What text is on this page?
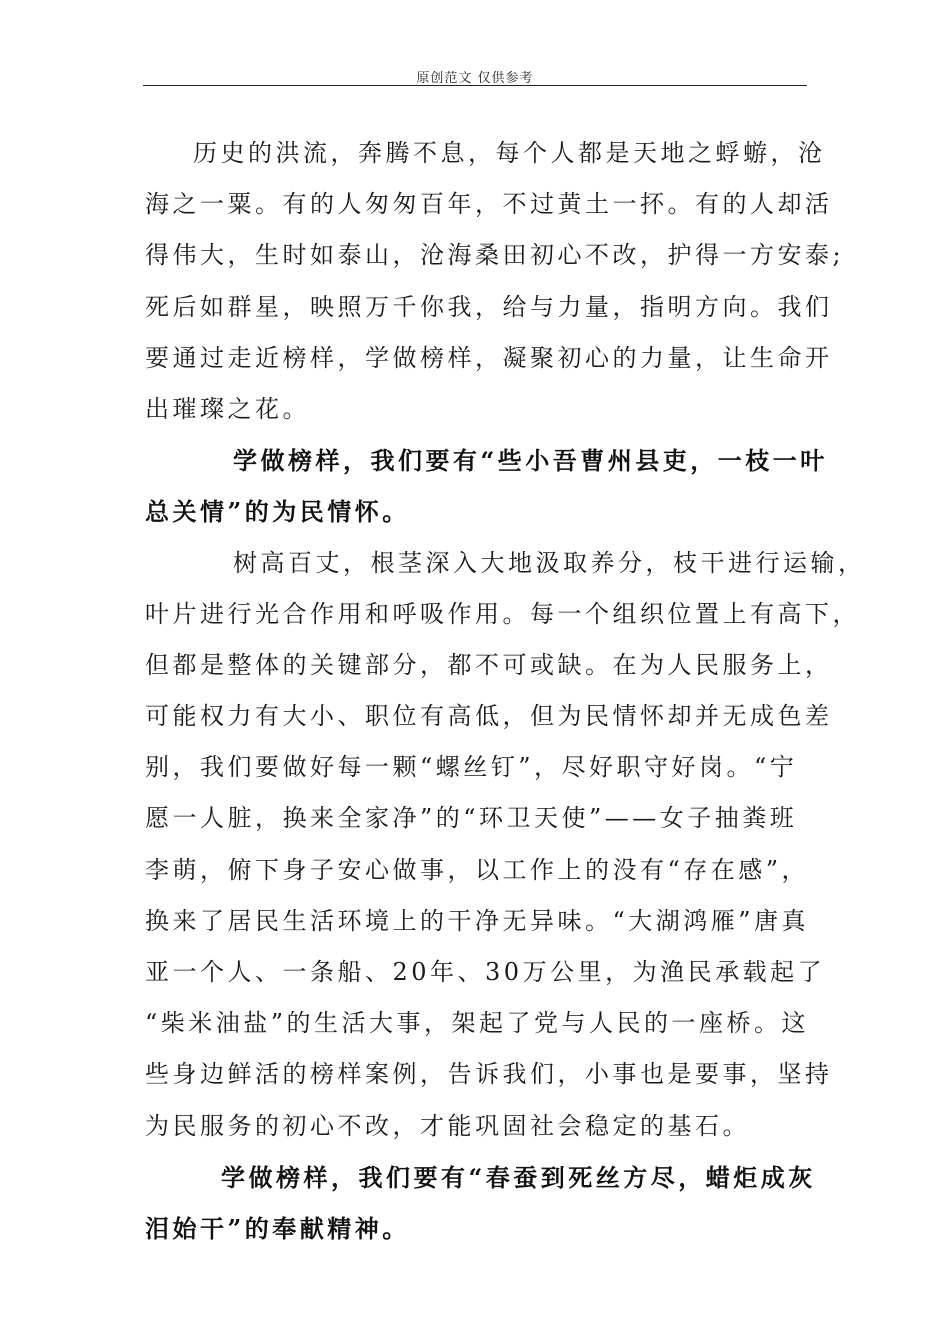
原创范文 仅供参考
历史的洪流，奔腾不息，每个人都是天地之蜉蝣，沧
海之一粟。有的人匆匆百年，不过黄土一抔。有的人却活
得伟大，生时如泰山，沧海桑田初心不改，护得一方安泰;
死后如群星，映照万千你我，给与力量，指明方向。我们
要通过走近榜样，学做榜样，凝聚初心的力量，让生命开
出璀璨之花。
学做榜样，我们要有“些小吾曹州县吏，一枝一叶
总关情”的为民情怀。
树高百丈，根茎深入大地汲取养分，枝干进行运输，
叶片进行光合作用和呼吸作用。每一个组织位置上有高下，
但都是整体的关键部分，都不可或缺。在为人民服务上，
可能权力有大小、职位有高低，但为民情怀却并无成色差
别，我们要做好每一颗“螺丝钉”，尽好职守好岗。“宁
愿一人脏，换来全家净”的“环卫天使”——女子抽粪班
李萌，俯下身子安心做事，以工作上的没有“存在感”，
换来了居民生活环境上的干净无异味。“大湖鸿雁”唐真
亚一个人、一条船、20年、30万公里，为渔民承载起了
“柴米油盐”的生活大事，架起了党与人民的一座桥。这
些身边鲜活的榜样案例，告诉我们，小事也是要事，坚持
为民服务的初心不改，才能巩固社会稳定的基石。
学做榜样，我们要有“春蚕到死丝方尽，蜡炬成灰
泪始干”的奉献精神。
